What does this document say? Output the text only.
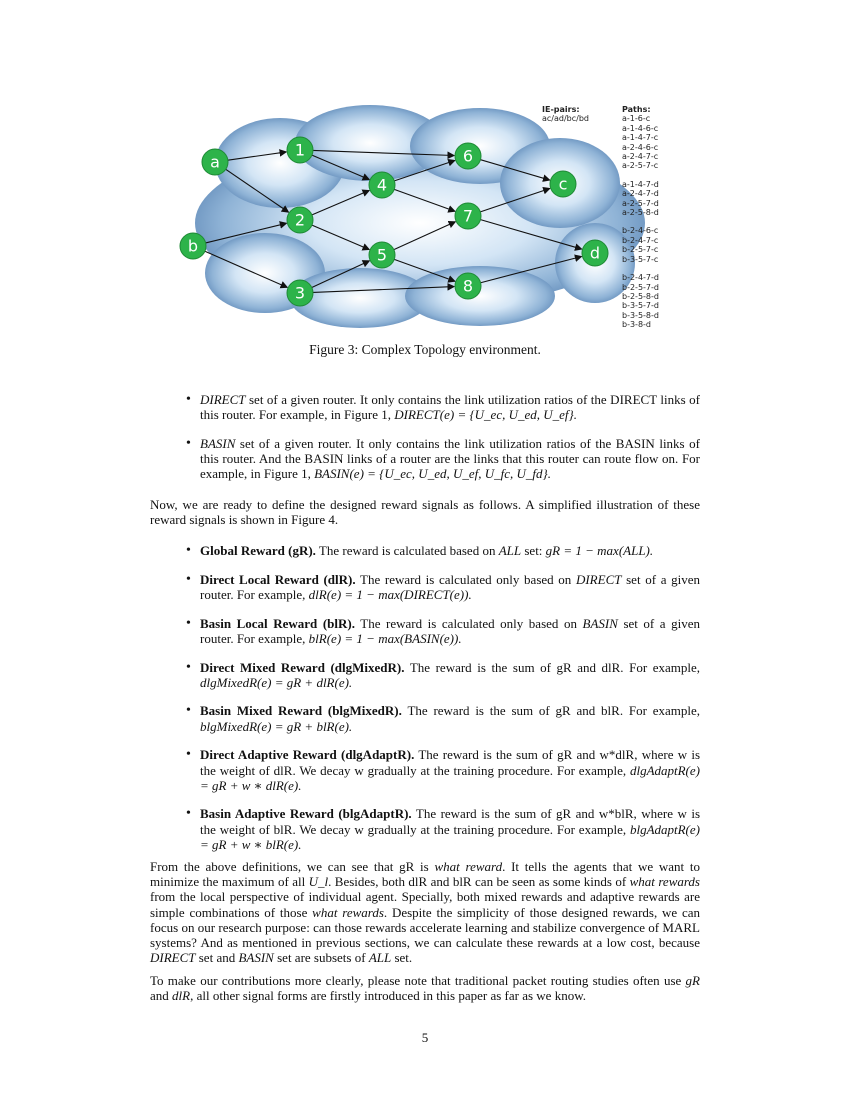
a
b
1
2
3
4
5
6
7
8
c
d
IE-pairs:
ac/ad/bc/bd
Paths:
a-1-6-c
a-1-4-6-c
a-1-4-7-c
a-2-4-6-c
a-2-4-7-c
a-2-5-7-c
a-1-4-7-d
a-2-4-7-d
a-2-5-7-d
a-2-5-8-d
b-2-4-6-c
b-2-4-7-c
b-2-5-7-c
b-3-5-7-c
b-2-4-7-d
b-2-5-7-d
b-2-5-8-d
b-3-5-7-d
b-3-5-8-d
b-3-8-d
Figure 3: Complex Topology environment.
• DIRECT set of a given router. It only contains the link utilization ratios of the DIRECT links of this router. For example, in Figure 1, DIRECT(e) = {U_ec, U_ed, U_ef}.
• BASIN set of a given router. It only contains the link utilization ratios of the BASIN links of this router. And the BASIN links of a router are the links that this router can route flow on. For example, in Figure 1, BASIN(e) = {U_ec, U_ed, U_ef, U_fc, U_fd}.
Now, we are ready to define the designed reward signals as follows. A simplified illustration of these reward signals is shown in Figure 4.
• Global Reward (gR). The reward is calculated based on ALL set: gR = 1 − max(ALL).
• Direct Local Reward (dlR). The reward is calculated only based on DIRECT set of a given router. For example, dlR(e) = 1 − max(DIRECT(e)).
• Basin Local Reward (blR). The reward is calculated only based on BASIN set of a given router. For example, blR(e) = 1 − max(BASIN(e)).
• Direct Mixed Reward (dlgMixedR). The reward is the sum of gR and dlR. For example, dlgMixedR(e) = gR + dlR(e).
• Basin Mixed Reward (blgMixedR). The reward is the sum of gR and blR. For example, blgMixedR(e) = gR + blR(e).
• Direct Adaptive Reward (dlgAdaptR). The reward is the sum of gR and w*dlR, where w is the weight of dlR. We decay w gradually at the training procedure. For example, dlgAdaptR(e) = gR + w ∗ dlR(e).
• Basin Adaptive Reward (blgAdaptR). The reward is the sum of gR and w*blR, where w is the weight of blR. We decay w gradually at the training procedure. For example, blgAdaptR(e) = gR + w ∗ blR(e).
From the above definitions, we can see that gR is what reward. It tells the agents that we want to minimize the maximum of all U_l. Besides, both dlR and blR can be seen as some kinds of what rewards from the local perspective of individual agent. Specially, both mixed rewards and adaptive rewards are simple combinations of those what rewards. Despite the simplicity of those designed rewards, we can focus on our research purpose: can those rewards accelerate learning and stabilize convergence of MARL systems? And as mentioned in previous sections, we can calculate these rewards at a low cost, because DIRECT set and BASIN set are subsets of ALL set.
To make our contributions more clearly, please note that traditional packet routing studies often use gR and dlR, all other signal forms are firstly introduced in this paper as far as we know.
5
